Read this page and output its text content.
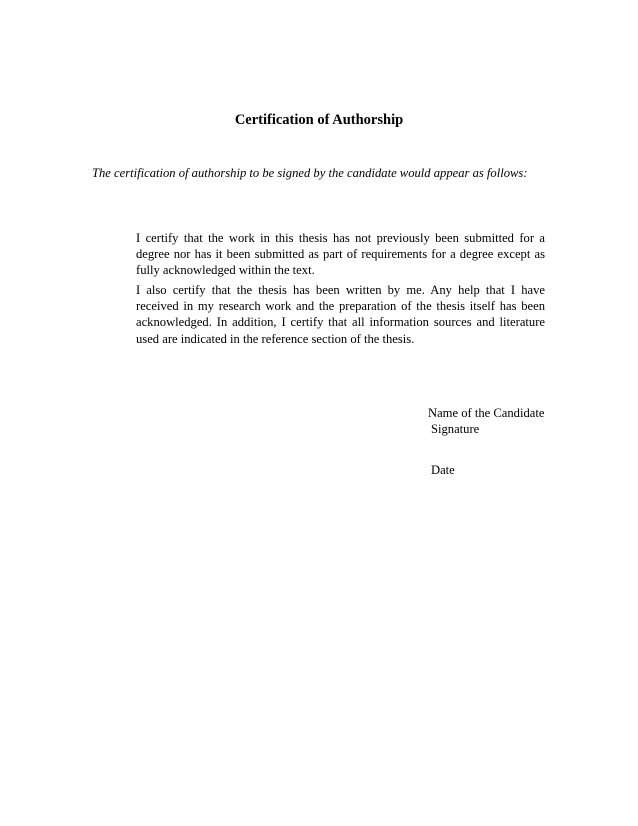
Certification of Authorship
The certification of authorship to be signed by the candidate would appear as follows:
I certify that the work in this thesis has not previously been submitted for a degree nor has it been submitted as part of requirements for a degree except as fully acknowledged within the text.
I also certify that the thesis has been written by me. Any help that I have received in my research work and the preparation of the thesis itself has been acknowledged. In addition, I certify that all information sources and literature used are indicated in the reference section of the thesis.
Name of the Candidate
Signature
Date
